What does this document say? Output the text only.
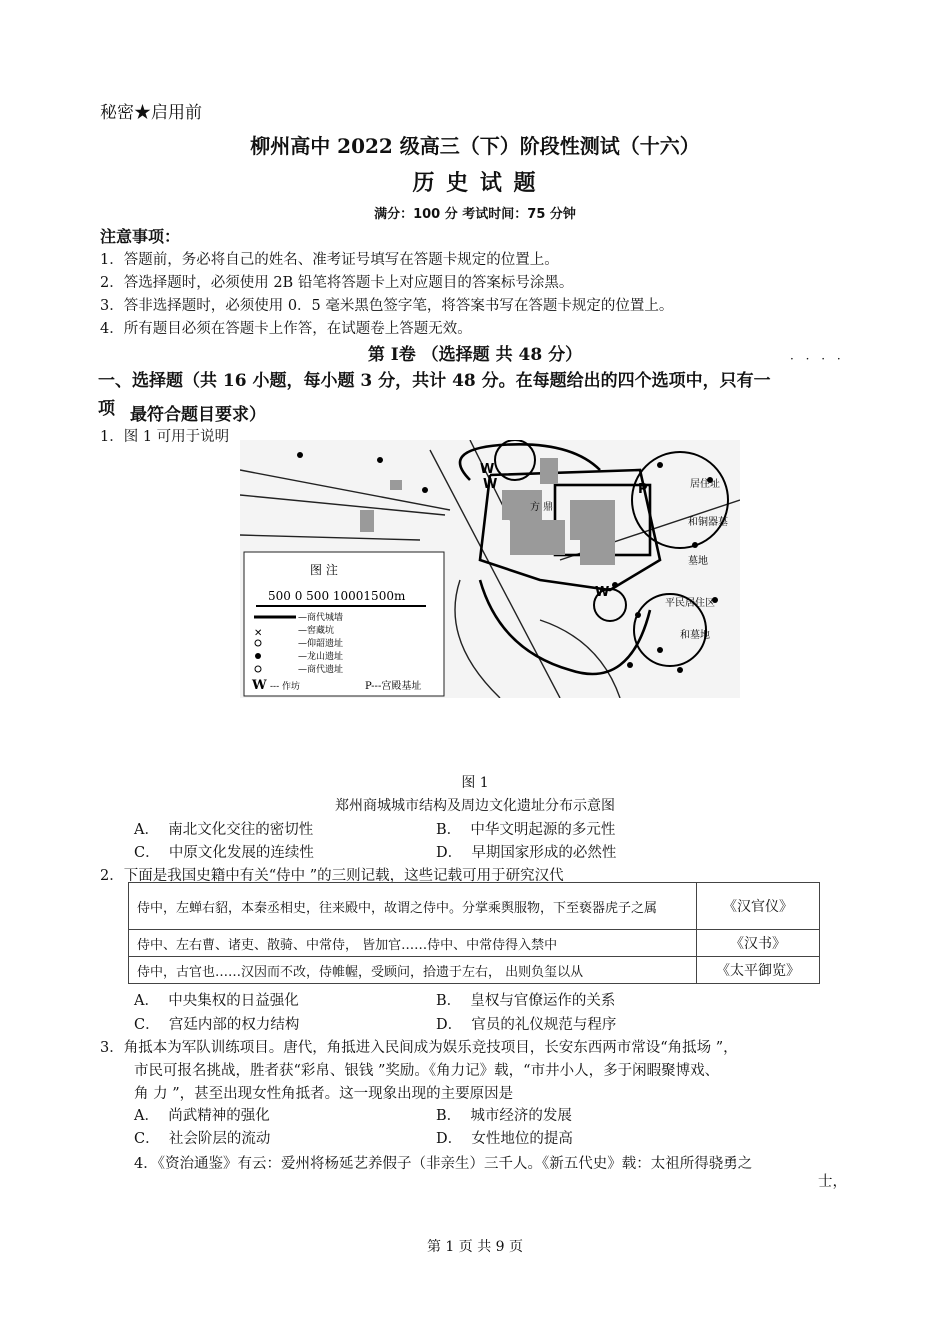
秘密★启用前
柳州高中 2022 级高三（下）阶段性测试（十六）
历 史 试 题
满分：100 分 考试时间：75 分钟
注意事项：
1．答题前，务必将自己的姓名、准考证号填写在答题卡规定的位置上。
2．答选择题时，必须使用 2B 铅笔将答题卡上对应题目的答案标号涂黑。
3．答非选择题时，必须使用 0．5 毫米黑色签字笔，将答案书写在答题卡规定的位置上。
4．所有题目必须在答题卡上作答，在试题卷上答题无效。
第 Ⅰ卷 （选择题 共 48 分）	· · · ·
一、选择题（共 16 小题，每小题 3 分，共计 48 分。在每题给出的四个选项中，只有一
项 最符合题目要求）
1．图 1 可用于说明
居住址
和铜器墓
墓地
平民居住区
和墓地
方 鼎
W
W
W
P
图 注
500 0 500 10001500m
—商代城墙
—窖藏坑
—仰韶遗址
—龙山遗址
—商代遗址
--- 作坊
W	P---宫殿基址
✕
图 1
郑州商城城市结构及周边文化遗址分布示意图
A． 南北文化交往的密切性	B． 中华文明起源的多元性
C． 中原文化发展的连续性	D． 早期国家形成的必然性
2．下面是我国史籍中有关“侍中 ”的三则记载，这些记载可用于研究汉代
侍中，左蝉右貂，本秦丞相史，往来殿中，故谓之侍中。分掌乘舆服物，下至亵器虎子之属	《汉官仪》
侍中、左右曹、诸吏、散骑、中常侍， 皆加官……侍中、中常侍得入禁中	《汉书》
侍中，古官也……汉因而不改，侍帷幄，受顾问，拾遗于左右， 出则负玺以从	《太平御览》
A． 中央集权的日益强化	B． 皇权与官僚运作的关系
C． 宫廷内部的权力结构	D． 官员的礼仪规范与程序
3．角抵本为军队训练项目。唐代，角抵进入民间成为娱乐竞技项目，长安东西两市常设“角抵场 ”，
市民可报名挑战，胜者获“彩帛、银钱 ”奖励。《角力记》载，“市井小人，多于闲暇聚博戏、
角 力 ”，甚至出现女性角抵者。这一现象出现的主要原因是
A． 尚武精神的强化	B． 城市经济的发展
C． 社会阶层的流动	D． 女性地位的提高
4．《资治通鉴》有云：爱州将杨延艺养假子（非亲生）三千人。《新五代史》载：太祖所得骁勇之
士，
第 1 页 共 9 页
